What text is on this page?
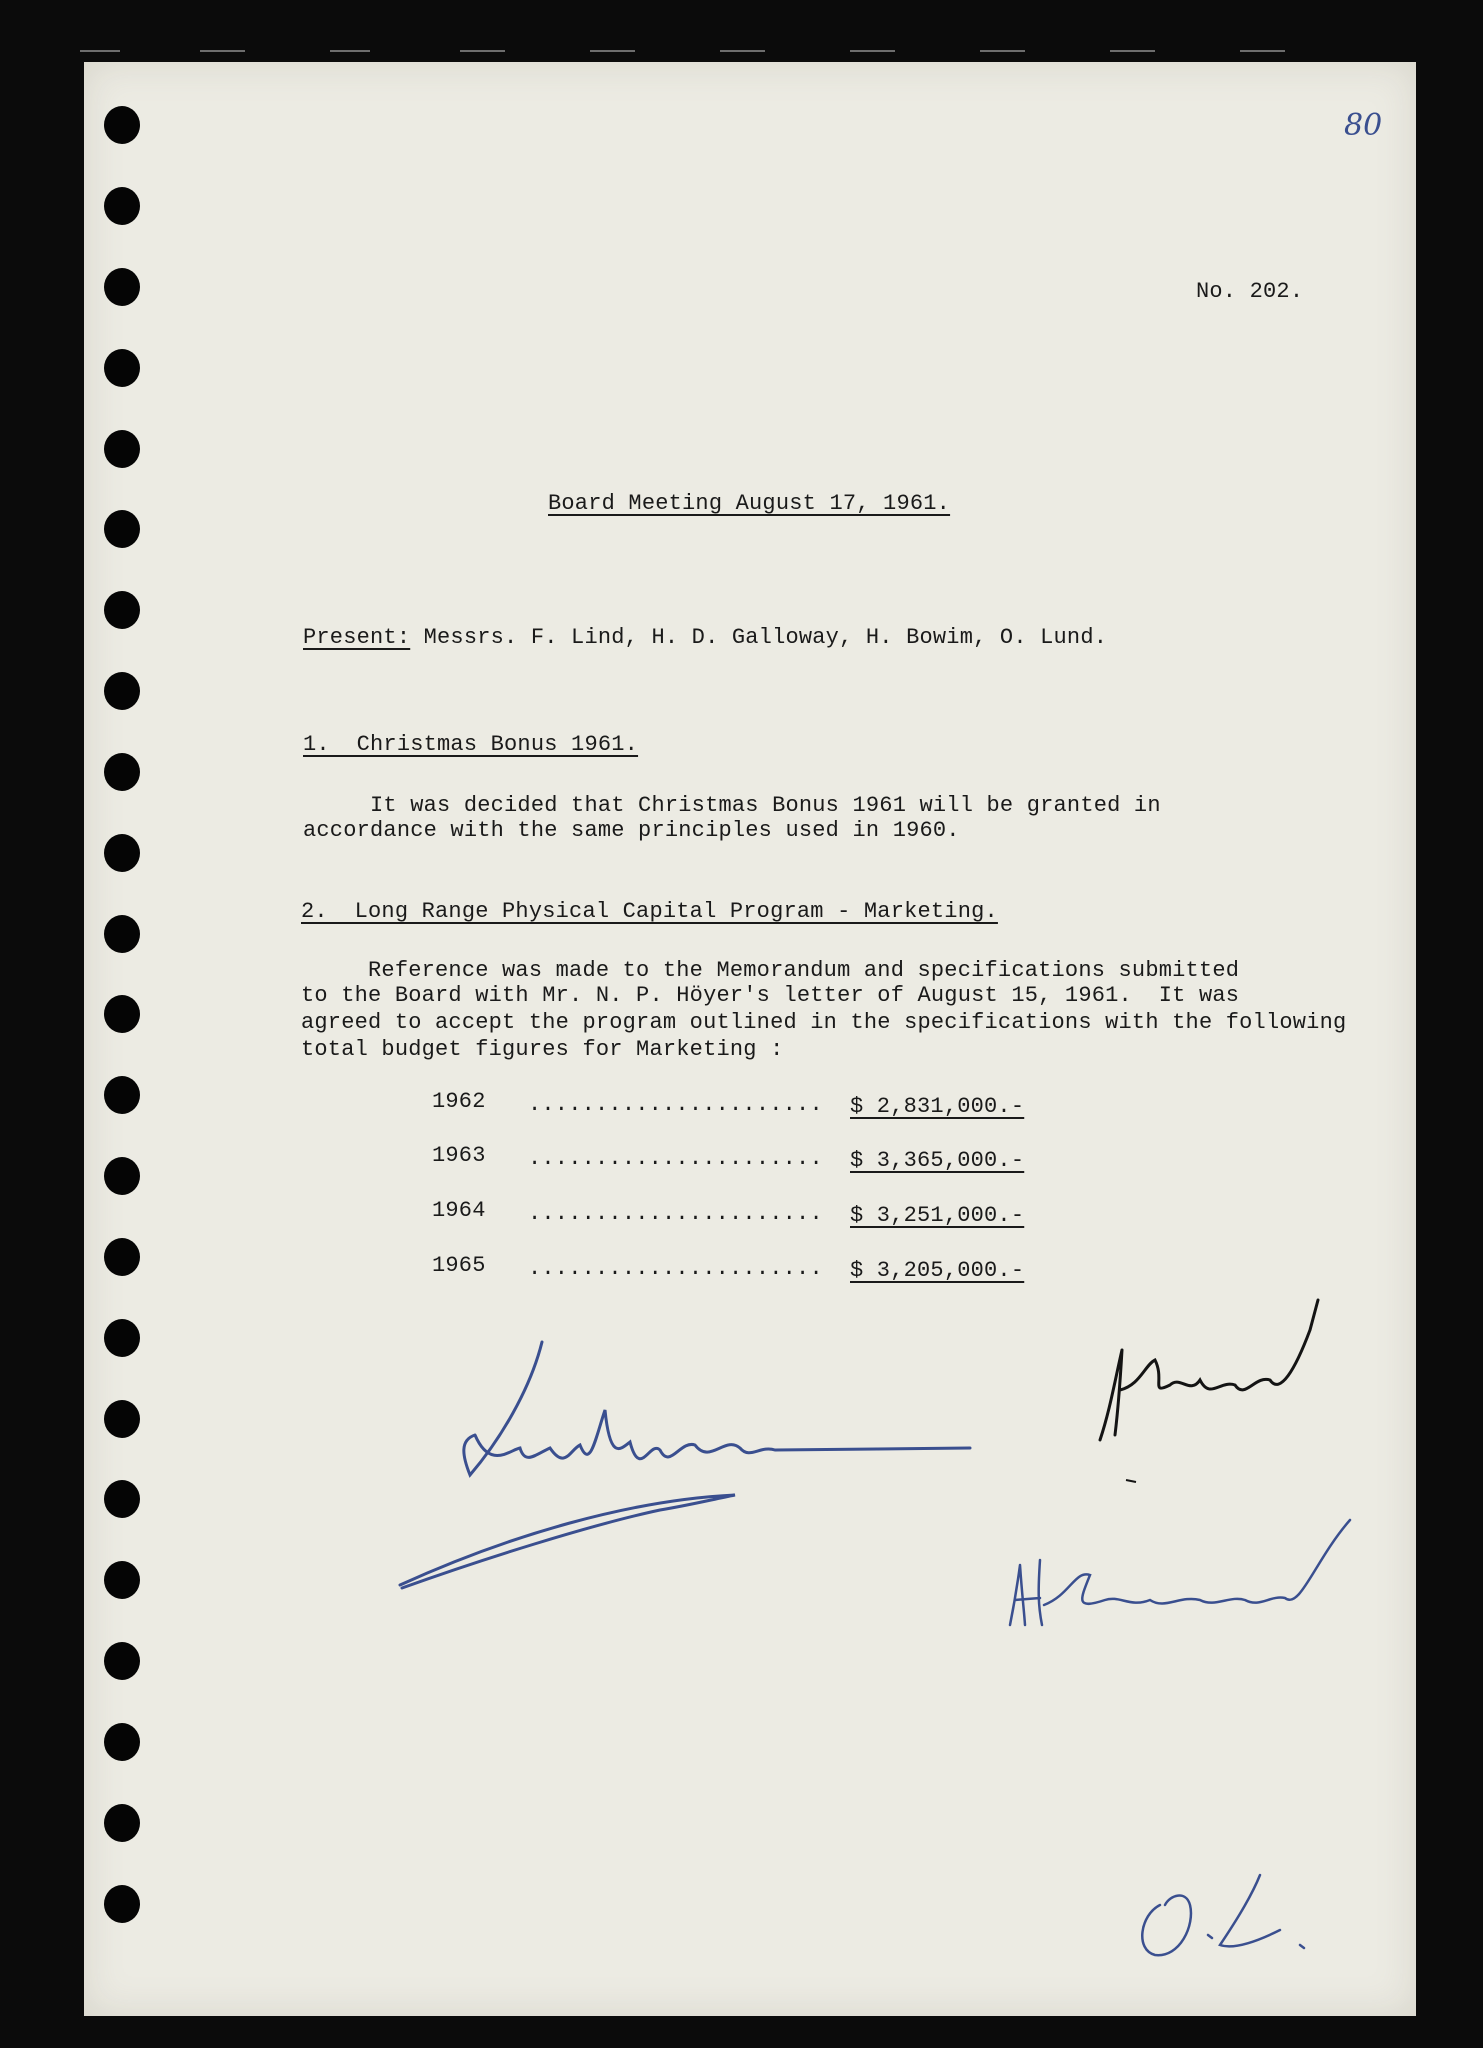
80
No. 202.
Board Meeting August 17, 1961.
Present: Messrs. F. Lind, H. D. Galloway, H. Bowim, O. Lund.
1.  Christmas Bonus 1961.
It was decided that Christmas Bonus 1961 will be granted in
accordance with the same principles used in 1960.
2.  Long Range Physical Capital Program - Marketing.
Reference was made to the Memorandum and specifications submitted
to the Board with Mr. N. P. Höyer's letter of August 15, 1961.  It was
agreed to accept the program outlined in the specifications with the following
total budget figures for Marketing :
1962 ...................... $ 2,831,000.-
1963 ...................... $ 3,365,000.-
1964 ...................... $ 3,251,000.-
1965 ...................... $ 3,205,000.-
